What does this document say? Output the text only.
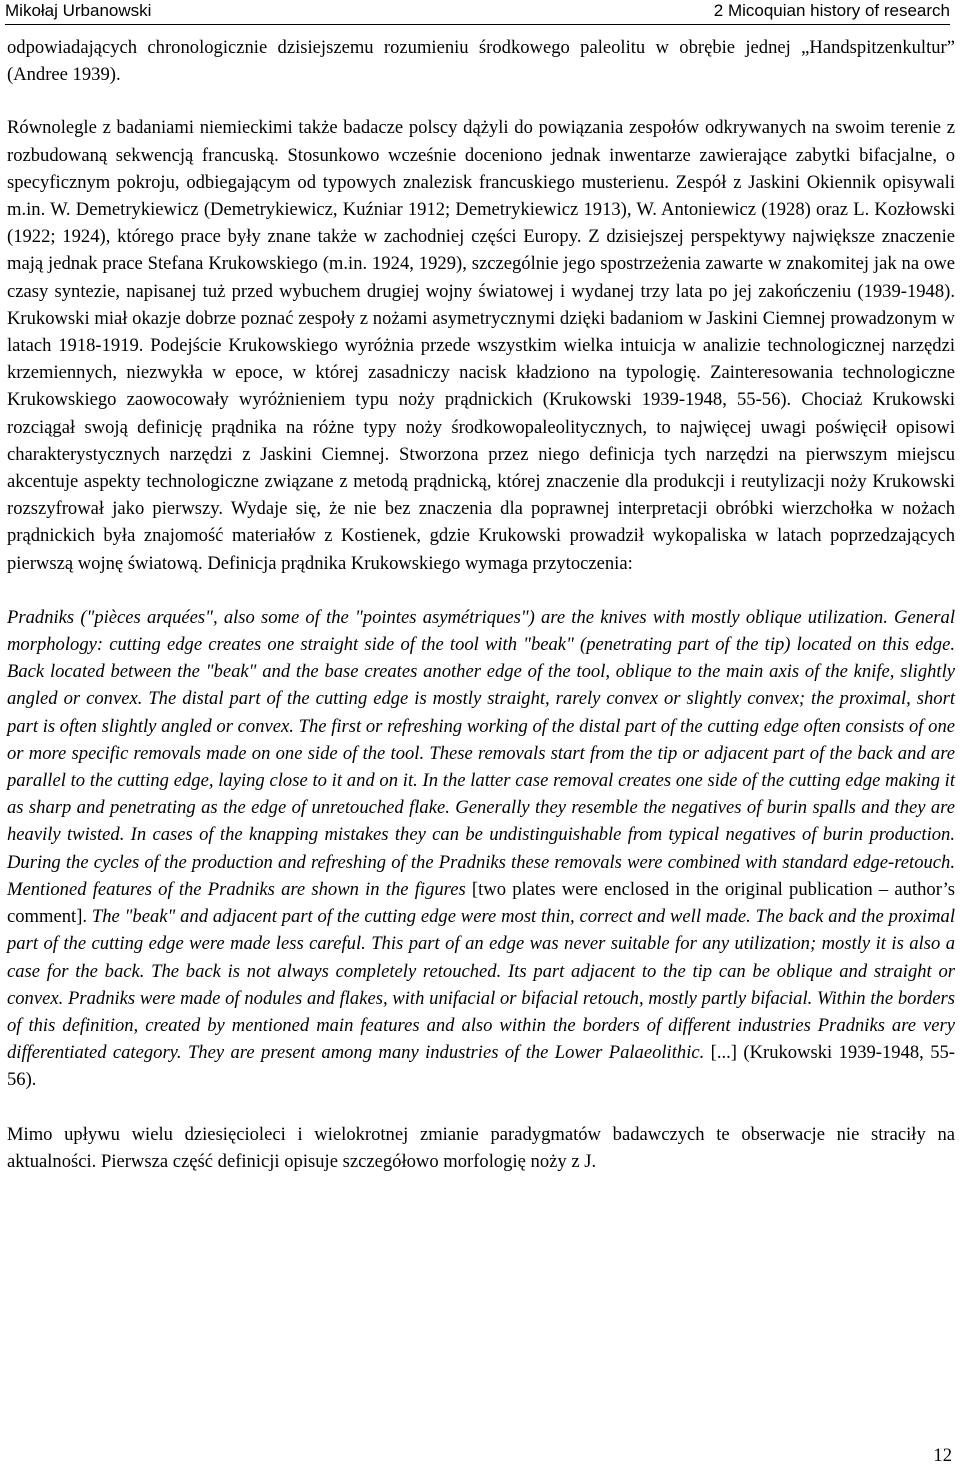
Mikołaj Urbanowski	2 Micoquian history of research

odpowiadających chronologicznie dzisiejszemu rozumieniu środkowego paleolitu w obrębie jednej „Handspitzenkultur” (Andree 1939).

Równolegle z badaniami niemieckimi także badacze polscy dążyli do powiązania zespołów odkrywanych na swoim terenie z rozbudowaną sekwencją francuską. Stosunkowo wcześnie doceniono jednak inwentarze zawierające zabytki bifacjalne, o specyficznym pokroju, odbiegającym od typowych znalezisk francuskiego musterienu. Zespół z Jaskini Okiennik opisywali m.in. W. Demetrykiewicz (Demetrykiewicz, Kuźniar 1912; Demetrykiewicz 1913), W. Antoniewicz (1928) oraz L. Kozłowski (1922; 1924), którego prace były znane także w zachodniej części Europy. Z dzisiejszej perspektywy największe znaczenie mają jednak prace Stefana Krukowskiego (m.in. 1924, 1929), szczególnie jego spostrzeżenia zawarte w znakomitej jak na owe czasy syntezie, napisanej tuż przed wybuchem drugiej wojny światowej i wydanej trzy lata po jej zakończeniu (1939-1948). Krukowski miał okazje dobrze poznać zespoły z nożami asymetrycznymi dzięki badaniom w Jaskini Ciemnej prowadzonym w latach 1918-1919. Podejście Krukowskiego wyróżnia przede wszystkim wielka intuicja w analizie technologicznej narzędzi krzemiennych, niezwykła w epoce, w której zasadniczy nacisk kładziono na typologię. Zainteresowania technologiczne Krukowskiego zaowocowały wyróżnieniem typu noży prądnickich (Krukowski 1939-1948, 55-56). Chociaż Krukowski rozciągał swoją definicję prądnika na różne typy noży środkowopaleolitycznych, to najwięcej uwagi poświęcił opisowi charakterystycznych narzędzi z Jaskini Ciemnej. Stworzona przez niego definicja tych narzędzi na pierwszym miejscu akcentuje aspekty technologiczne związane z metodą prądnicką, której znaczenie dla produkcji i reutylizacji noży Krukowski rozszyfrował jako pierwszy. Wydaje się, że nie bez znaczenia dla poprawnej interpretacji obróbki wierzchołka w nożach prądnickich była znajomość materiałów z Kostienek, gdzie Krukowski prowadził wykopaliska w latach poprzedzających pierwszą wojnę światową. Definicja prądnika Krukowskiego wymaga przytoczenia:

Pradniks ("pièces arquées", also some of the "pointes asymétriques") are the knives with mostly oblique utilization. General morphology: cutting edge creates one straight side of the tool with "beak" (penetrating part of the tip) located on this edge. Back located between the "beak" and the base creates another edge of the tool, oblique to the main axis of the knife, slightly angled or convex. The distal part of the cutting edge is mostly straight, rarely convex or slightly convex; the proximal, short part is often slightly angled or convex. The first or refreshing working of the distal part of the cutting edge often consists of one or more specific removals made on one side of the tool. These removals start from the tip or adjacent part of the back and are parallel to the cutting edge, laying close to it and on it. In the latter case removal creates one side of the cutting edge making it as sharp and penetrating as the edge of unretouched flake. Generally they resemble the negatives of burin spalls and they are heavily twisted. In cases of the knapping mistakes they can be undistinguishable from typical negatives of burin production. During the cycles of the production and refreshing of the Pradniks these removals were combined with standard edge-retouch. Mentioned features of the Pradniks are shown in the figures [two plates were enclosed in the original publication – author’s comment]. The "beak" and adjacent part of the cutting edge were most thin, correct and well made. The back and the proximal part of the cutting edge were made less careful. This part of an edge was never suitable for any utilization; mostly it is also a case for the back. The back is not always completely retouched. Its part adjacent to the tip can be oblique and straight or convex. Pradniks were made of nodules and flakes, with unifacial or bifacial retouch, mostly partly bifacial. Within the borders of this definition, created by mentioned main features and also within the borders of different industries Pradniks are very differentiated category. They are present among many industries of the Lower Palaeolithic. [...] (Krukowski 1939-1948, 55-56).

Mimo upływu wielu dziesięcioleci i wielokrotnej zmianie paradygmatów badawczych te obserwacje nie straciły na aktualności. Pierwsza część definicji opisuje szczegółowo morfologię noży z J.

12
